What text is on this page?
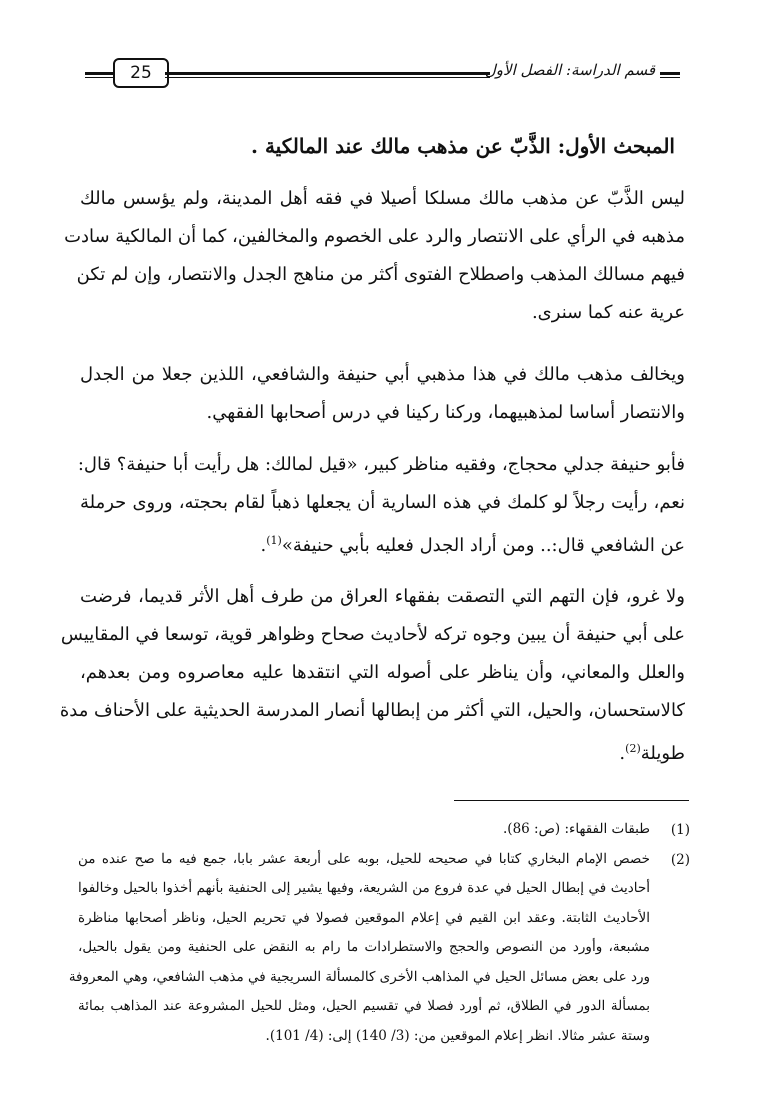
25	قسم الدراسة: الفصل الأول
المبحث الأول: الذَّبّ عن مذهب مالك عند المالكية .
ليس الذَّبّ عن مذهب مالك مسلكا أصيلا في فقه أهل المدينة، ولم يؤسس مالك
مذهبه في الرأي على الانتصار والرد على الخصوم والمخالفين، كما أن المالكية سادت
فيهم مسالك المذهب واصطلاح الفتوى أكثر من مناهج الجدل والانتصار، وإن لم تكن
عرية عنه كما سنرى.
ويخالف مذهب مالك في هذا مذهبي أبي حنيفة والشافعي، اللذين جعلا من الجدل
والانتصار أساسا لمذهبيهما، وركنا ركينا في درس أصحابها الفقهي.
فأبو حنيفة جدلي محجاج، وفقيه مناظر كبير، «قيل لمالك: هل رأيت أبا حنيفة؟ قال:
نعم، رأيت رجلاً لو كلمك في هذه السارية أن يجعلها ذهباً لقام بحجته، وروى حرملة
عن الشافعي قال:.. ومن أراد الجدل فعليه بأبي حنيفة»$^{(1)}$.
ولا غرو، فإن التهم التي التصقت بفقهاء العراق من طرف أهل الأثر قديما، فرضت
على أبي حنيفة أن يبين وجوه تركه لأحاديث صحاح وظواهر قوية، توسعا في المقاييس
والعلل والمعاني، وأن يناظر على أصوله التي انتقدها عليه معاصروه ومن بعدهم،
كالاستحسان، والحيل، التي أكثر من إبطالها أنصار المدرسة الحديثية على الأحناف مدة
طويلة$^{(2)}$.
(1)
طبقات الفقهاء: (ص: 86).
(2)
خصص الإمام البخاري كتابا في صحيحه للحيل، بوبه على أربعة عشر بابا، جمع فيه ما صح عنده من
أحاديث في إبطال الحيل في عدة فروع من الشريعة، وفيها يشير إلى الحنفية بأنهم أخذوا بالحيل وخالفوا
الأحاديث الثابتة. وعقد ابن القيم في إعلام الموقعين فصولا في تحريم الحيل، وناظر أصحابها مناظرة
مشبعة، وأورد من النصوص والحجج والاستطرادات ما رام به النقض على الحنفية ومن يقول بالحيل،
ورد على بعض مسائل الحيل في المذاهب الأخرى كالمسألة السريجية في مذهب الشافعي، وهي المعروفة
بمسألة الدور في الطلاق، ثم أورد فصلا في تقسيم الحيل، ومثل للحيل المشروعة عند المذاهب بمائة
وستة عشر مثالا. انظر إعلام الموقعين من: (3/ 140) إلى: (4/ 101).
